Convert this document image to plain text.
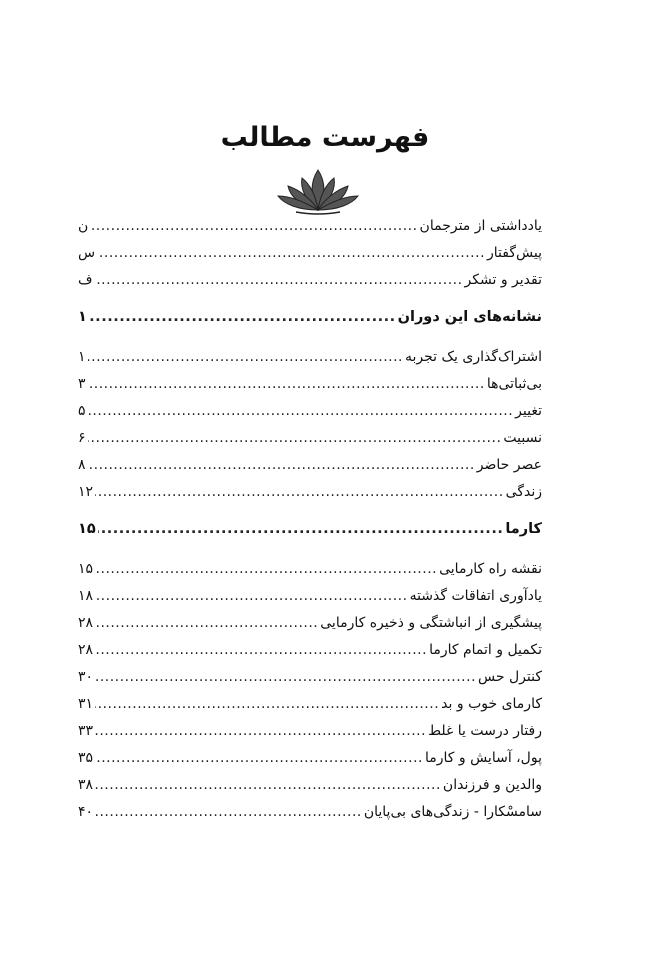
فهرست مطالب
یادداشتی از مترجمان
.....
ن
پیش‌گفتار
.....
س
تقدیر و تشکر
.....
ف
نشانه‌های این دوران
.....
۱
اشتراک‌گذاری یک تجربه
.....
۱
بی‌ثباتی‌ها
.....
۳
تغییر
.....
۵
نسبیت
.....
۶
عصر حاضر
.....
۸
زندگی
.....
۱۲
کارما
.....
۱۵
نقشه راه کارمایی
.....
۱۵
یادآوری اتفاقات گذشته
.....
۱۸
پیشگیری از انباشتگی و ذخیره کارمایی
.....
۲۸
تکمیل و اتمام کارما
.....
۲۸
کنترل حس
.....
۳۰
کارمای خوب و بد
.....
۳۱
رفتار درست یا غلط
.....
۳۳
پول، آسایش و کارما
.....
۳۵
والدین و فرزندان
.....
۳۸
سامسْکارا - زندگی‌های بی‌پایان
.....
۴۰
